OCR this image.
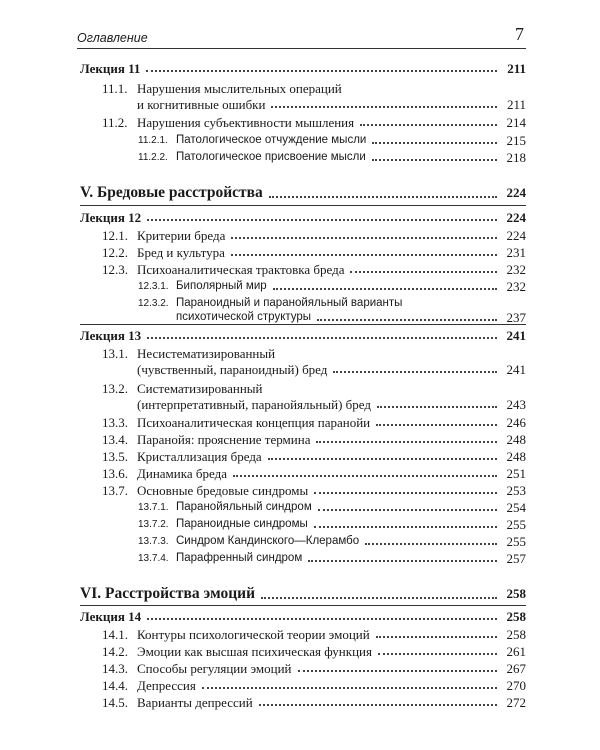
Оглавление	7
Лекция 11	211
11.1. Нарушения мыслительных операций
и когнитивные ошибки	211
11.2. Нарушения субъективности мышления	214
11.2.1. Патологическое отчуждение мысли	215
11.2.2. Патологическое присвоение мысли	218
V. Бредовые расстройства	224
Лекция 12	224
12.1. Критерии бреда	224
12.2. Бред и культура	231
12.3. Психоаналитическая трактовка бреда	232
12.3.1. Биполярный мир	232
12.3.2. Параноидный и паранойяльный варианты
психотической структуры	237
Лекция 13	241
13.1. Несистематизированный
(чувственный, параноидный) бред	241
13.2. Систематизированный
(интерпретативный, паранойяльный) бред	243
13.3. Психоаналитическая концепция паранойи	246
13.4. Паранойя: прояснение термина	248
13.5. Кристаллизация бреда	248
13.6. Динамика бреда	251
13.7. Основные бредовые синдромы	253
13.7.1. Паранойяльный синдром	254
13.7.2. Параноидные синдромы	255
13.7.3. Синдром Кандинского—Клерамбо	255
13.7.4. Парафренный синдром	257
VI. Расстройства эмоций	258
Лекция 14	258
14.1. Контуры психологической теории эмоций	258
14.2. Эмоции как высшая психическая функция	261
14.3. Способы регуляции эмоций	267
14.4. Депрессия	270
14.5. Варианты депрессий	272
